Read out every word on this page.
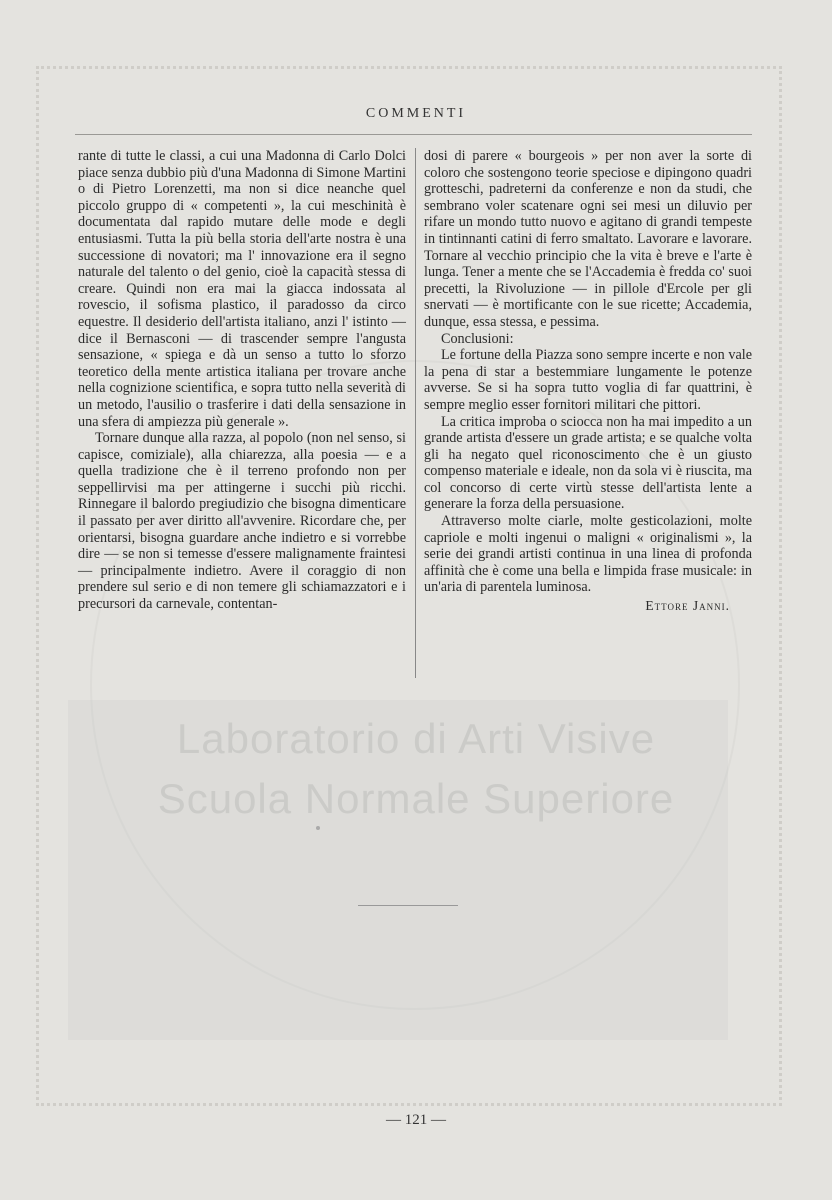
Laboratorio di Arti Visive
Scuola Normale Superiore
COMMENTI

rante di tutte le classi, a cui una Madonna di Carlo Dolci piace senza dubbio più d'una Madonna di Simone Martini o di Pietro Lorenzetti, ma non si dice neanche quel piccolo gruppo di « competenti », la cui meschinità è documentata dal rapido mutare delle mode e degli entusiasmi. Tutta la più bella storia dell'arte nostra è una successione di novatori; ma l' innovazione era il segno naturale del talento o del genio, cioè la capacità stessa di creare. Quindi non era mai la giacca indossata al rovescio, il sofisma plastico, il paradosso da circo equestre. Il desiderio dell'artista italiano, anzi l' istinto — dice il Bernasconi — di trascender sempre l'angusta sensazione, « spiega e dà un senso a tutto lo sforzo teoretico della mente artistica italiana per trovare anche nella cognizione scientifica, e sopra tutto nella severità di un metodo, l'ausilio o trasferire i dati della sensazione in una sfera di ampiezza più generale ».

Tornare dunque alla razza, al popolo (non nel senso, si capisce, comiziale), alla chiarezza, alla poesia — e a quella tradizione che è il terreno profondo non per seppellirvisi ma per attingerne i succhi più ricchi. Rinnegare il balordo pregiudizio che bisogna dimenticare il passato per aver diritto all'avvenire. Ricordare che, per orientarsi, bisogna guardare anche indietro e si vorrebbe dire — se non si temesse d'essere malignamente fraintesi — principalmente indietro. Avere il coraggio di non prendere sul serio e di non temere gli schiamazzatori e i precursori da carnevale, contentan-

dosi di parere « bourgeois » per non aver la sorte di coloro che sostengono teorie speciose e dipingono quadri grotteschi, padreterni da conferenze e non da studi, che sembrano voler scatenare ogni sei mesi un diluvio per rifare un mondo tutto nuovo e agitano di grandi tempeste in tintinnanti catini di ferro smaltato. Lavorare e lavorare. Tornare al vecchio principio che la vita è breve e l'arte è lunga. Tener a mente che se l'Accademia è fredda co' suoi precetti, la Rivoluzione — in pillole d'Ercole per gli snervati — è mortificante con le sue ricette; Accademia, dunque, essa stessa, e pessima.

Conclusioni:

Le fortune della Piazza sono sempre incerte e non vale la pena di star a bestemmiare lungamente le potenze avverse. Se si ha sopra tutto voglia di far quattrini, è sempre meglio esser fornitori militari che pittori.

La critica improba o sciocca non ha mai impedito a un grande artista d'essere un grade artista; e se qualche volta gli ha negato quel riconoscimento che è un giusto compenso materiale e ideale, non da sola vi è riuscita, ma col concorso di certe virtù stesse dell'artista lente a generare la forza della persuasione.

Attraverso molte ciarle, molte gesticolazioni, molte capriole e molti ingenui o maligni « originalismi », la serie dei grandi artisti continua in una linea di profonda affinità che è come una bella e limpida frase musicale: in un'aria di parentela luminosa.

Ettore Janni.
— 121 —
